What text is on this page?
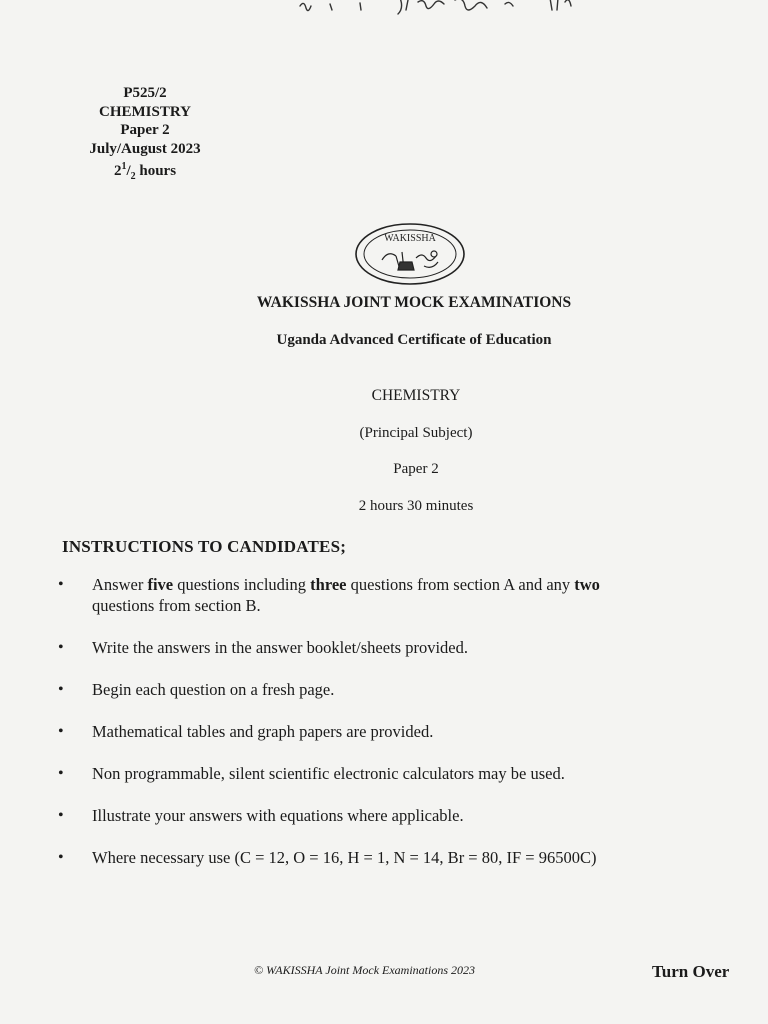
P525/2
CHEMISTRY
Paper 2
July/August 2023
$2^1/_2$ hours
WAKISSHA
WAKISSHA JOINT MOCK EXAMINATIONS
Uganda Advanced Certificate of Education
CHEMISTRY
(Principal Subject)
Paper 2
2 hours 30 minutes
INSTRUCTIONS TO CANDIDATES;
• Answer five questions including three questions from section A and any two
questions from section B.
• Write the answers in the answer booklet/sheets provided.
• Begin each question on a fresh page.
• Mathematical tables and graph papers are provided.
• Non programmable, silent scientific electronic calculators may be used.
• Illustrate your answers with equations where applicable.
• Where necessary use (C = 12, O = 16, H = 1, N = 14, Br = 80, IF = 96500C)
© WAKISSHA Joint Mock Examinations 2023	Turn Over
